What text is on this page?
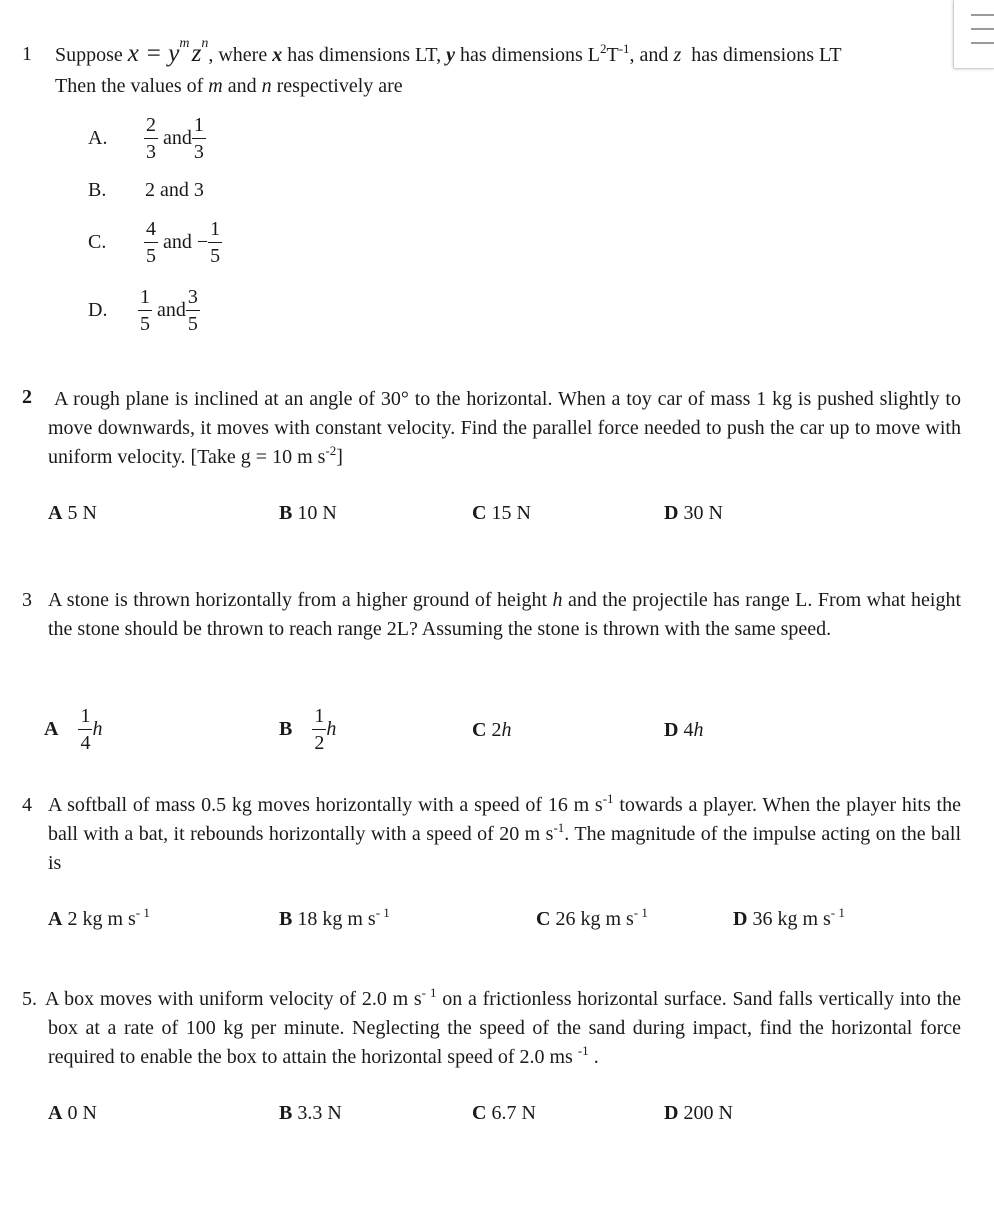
1 Suppose $x = y^m$ $z^n$, where x has dimensions LT, y has dimensions $L^2T^{-1}$, and z has dimensions LT
Then the values of m and n respectively are
A. $\frac{2}{3}$ and $\frac{1}{3}$
B. 2 and 3
C. $\frac{4}{5}$ and − $\frac{1}{5}$
D. $\frac{1}{5}$ and $\frac{3}{5}$
2	A rough plane is inclined at an angle of 30° to the horizontal. When a toy car of mass 1 kg is pushed slightly to move downwards, it moves with constant velocity. Find the parallel force needed to push the car up to move with uniform velocity. [Take g = 10 m $s^{-2}$]
A 5 N	B 10 N	C 15 N	D 30 N
3 A stone is thrown horizontally from a higher ground of height h and the projectile has range L. From what height the stone should be thrown to reach range 2L? Assuming the stone is thrown with the same speed.
A $\frac{1}{4}$ h	B $\frac{1}{2}$ h	C 2h	D 4h
4 A softball of mass 0.5 kg moves horizontally with a speed of 16 m $s^{-1}$ towards a player. When the player hits the ball with a bat, it rebounds horizontally with a speed of 20 m $s^{-1}$. The magnitude of the impulse acting on the ball is
A 2 kg m $s^{- 1}$	B 18 kg m $s^{- 1}$	C 26 kg m $s^{- 1}$	D 36 kg m $s^{- 1}$
5. A box moves with uniform velocity of 2.0 m $s^{- 1}$ on a frictionless horizontal surface. Sand falls vertically into the box at a rate of 100 kg per minute. Neglecting the speed of the sand during impact, find the horizontal force required to enable the box to attain the horizontal speed of 2.0 ms $^{-1}$ .
A 0 N	B 3.3 N	C 6.7 N	D 200 N
